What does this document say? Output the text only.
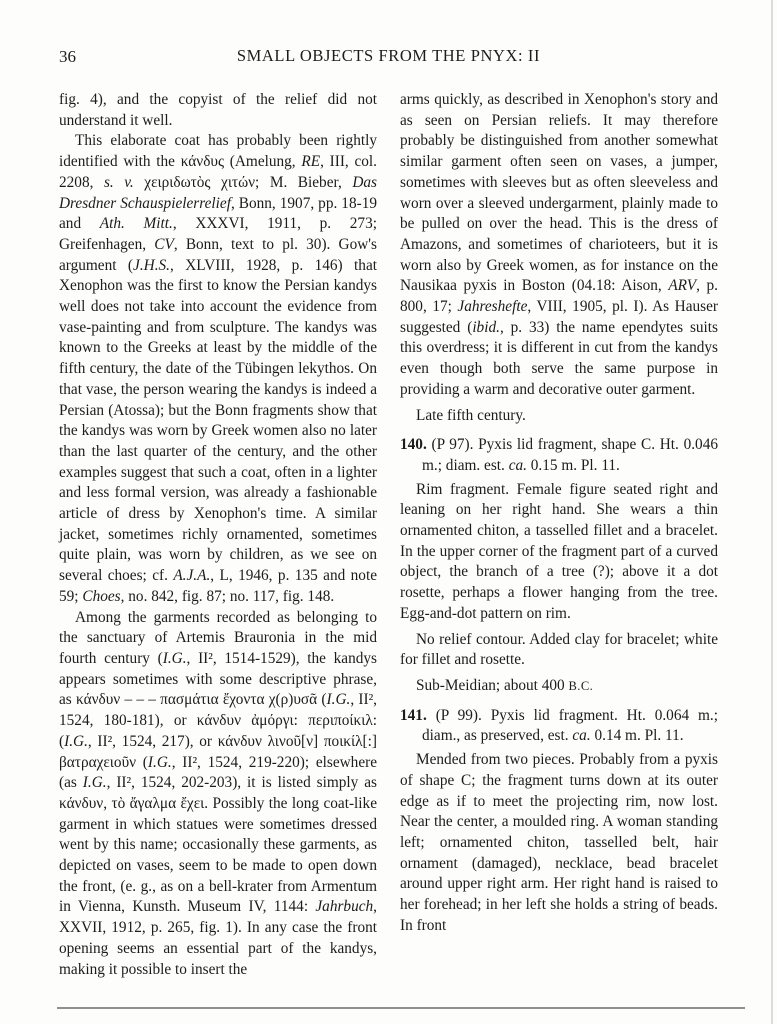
36	SMALL OBJECTS FROM THE PNYX: II

fig. 4), and the copyist of the relief did not understand it well.

This elaborate coat has probably been rightly identified with the κάνδυς (Amelung, RE, III, col. 2208, s. v. χειριδωτὸς χιτών; M. Bieber, Das Dresdner Schauspielerrelief, Bonn, 1907, pp. 18-19 and Ath. Mitt., XXXVI, 1911, p. 273; Greifenhagen, CV, Bonn, text to pl. 30). Gow's argument (J.H.S., XLVIII, 1928, p. 146) that Xenophon was the first to know the Persian kandys well does not take into account the evidence from vase-painting and from sculpture. The kandys was known to the Greeks at least by the middle of the fifth century, the date of the Tübingen lekythos. On that vase, the person wearing the kandys is indeed a Persian (Atossa); but the Bonn fragments show that the kandys was worn by Greek women also no later than the last quarter of the century, and the other examples suggest that such a coat, often in a lighter and less formal version, was already a fashionable article of dress by Xenophon's time. A similar jacket, sometimes richly ornamented, sometimes quite plain, was worn by children, as we see on several choes; cf. A.J.A., L, 1946, p. 135 and note 59; Choes, no. 842, fig. 87; no. 117, fig. 148.

Among the garments recorded as belonging to the sanctuary of Artemis Brauronia in the mid fourth century (I.G., II², 1514-1529), the kandys appears sometimes with some descriptive phrase, as κάνδυν – – – πασμάτια ἔχοντα χ(ρ)υσᾶ (I.G., II², 1524, 180-181), or κάνδυν ἀμόργι: περιποίκιλ: (I.G., II², 1524, 217), or κάνδυν λινοῦ[ν] ποικίλ[:] βατραχειοῦν (I.G., II², 1524, 219-220); elsewhere (as I.G., II², 1524, 202-203), it is listed simply as κάνδυν, τὸ ἄγαλμα ἔχει. Possibly the long coat-like garment in which statues were sometimes dressed went by this name; occasionally these garments, as depicted on vases, seem to be made to open down the front, (e. g., as on a bell-krater from Armentum in Vienna, Kunsth. Museum IV, 1144: Jahrbuch, XXVII, 1912, p. 265, fig. 1). In any case the front opening seems an essential part of the kandys, making it possible to insert the

arms quickly, as described in Xenophon's story and as seen on Persian reliefs. It may therefore probably be distinguished from another somewhat similar garment often seen on vases, a jumper, sometimes with sleeves but as often sleeveless and worn over a sleeved undergarment, plainly made to be pulled on over the head. This is the dress of Amazons, and sometimes of charioteers, but it is worn also by Greek women, as for instance on the Nausikaa pyxis in Boston (04.18: Aison, ARV, p. 800, 17; Jahreshefte, VIII, 1905, pl. I). As Hauser suggested (ibid., p. 33) the name ependytes suits this overdress; it is different in cut from the kandys even though both serve the same purpose in providing a warm and decorative outer garment.

Late fifth century.

140. (P 97). Pyxis lid fragment, shape C. Ht. 0.046 m.; diam. est. ca. 0.15 m. Pl. 11.

Rim fragment. Female figure seated right and leaning on her right hand. She wears a thin ornamented chiton, a tasselled fillet and a bracelet. In the upper corner of the fragment part of a curved object, the branch of a tree (?); above it a dot rosette, perhaps a flower hanging from the tree. Egg-and-dot pattern on rim.

No relief contour. Added clay for bracelet; white for fillet and rosette.

Sub-Meidian; about 400 B.C.

141. (P 99). Pyxis lid fragment. Ht. 0.064 m.; diam., as preserved, est. ca. 0.14 m. Pl. 11.

Mended from two pieces. Probably from a pyxis of shape C; the fragment turns down at its outer edge as if to meet the projecting rim, now lost. Near the center, a moulded ring. A woman standing left; ornamented chiton, tasselled belt, hair ornament (damaged), necklace, bead bracelet around upper right arm. Her right hand is raised to her forehead; in her left she holds a string of beads. In front
